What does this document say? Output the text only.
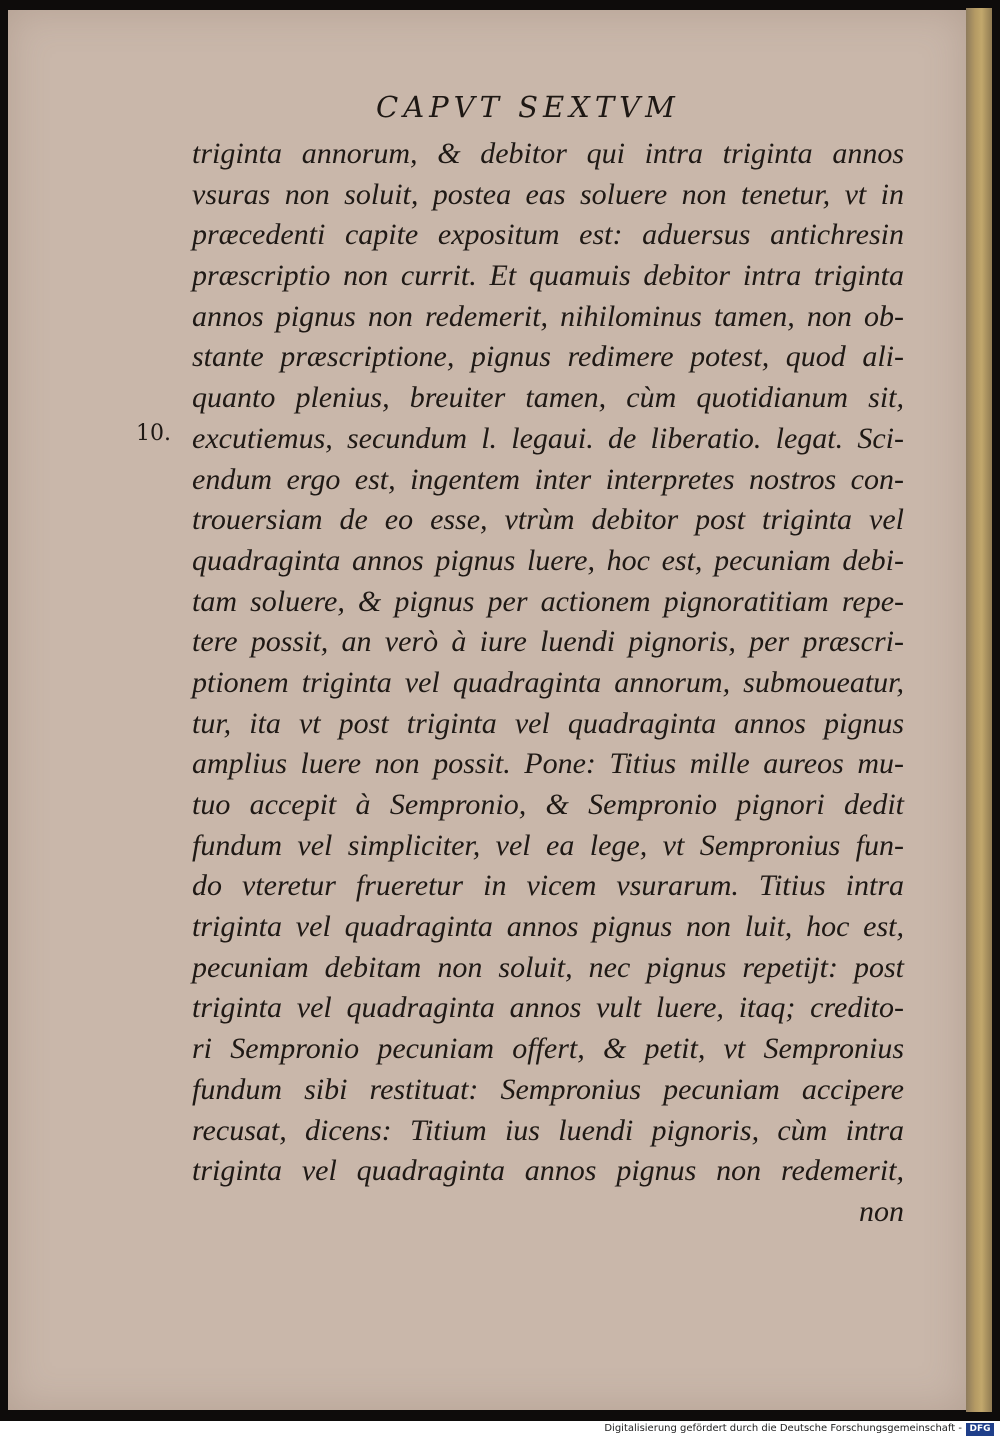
CAPVT SEXTVM
10.
triginta annorum, & debitor qui intra triginta annos
vsuras non soluit, postea eas soluere non tenetur, vt in
præcedenti capite expositum est: aduersus antichresin
præscriptio non currit. Et quamuis debitor intra triginta
annos pignus non redemerit, nihilominus tamen, non ob-
stante præscriptione, pignus redimere potest, quod ali-
quanto plenius, breuiter tamen, cùm quotidianum sit,
excutiemus, secundum l. legaui. de liberatio. legat. Sci-
endum ergo est, ingentem inter interpretes nostros con-
trouersiam de eo esse, vtrùm debitor post triginta vel
quadraginta annos pignus luere, hoc est, pecuniam debi-
tam soluere, & pignus per actionem pignoratitiam repe-
tere possit, an verò à iure luendi pignoris, per præscri-
ptionem triginta vel quadraginta annorum, submoueatur,
tur, ita vt post triginta vel quadraginta annos pignus
amplius luere non possit. Pone: Titius mille aureos mu-
tuo accepit à Sempronio, & Sempronio pignori dedit
fundum vel simpliciter, vel ea lege, vt Sempronius fun-
do vteretur frueretur in vicem vsurarum. Titius intra
triginta vel quadraginta annos pignus non luit, hoc est,
pecuniam debitam non soluit, nec pignus repetijt: post
triginta vel quadraginta annos vult luere, itaq; credito-
ri Sempronio pecuniam offert, & petit, vt Sempronius
fundum sibi restituat: Sempronius pecuniam accipere
recusat, dicens: Titium ius luendi pignoris, cùm intra
triginta vel quadraginta annos pignus non redemerit,
non
Digitalisierung gefördert durch die Deutsche Forschungsgemeinschaft - DFG
